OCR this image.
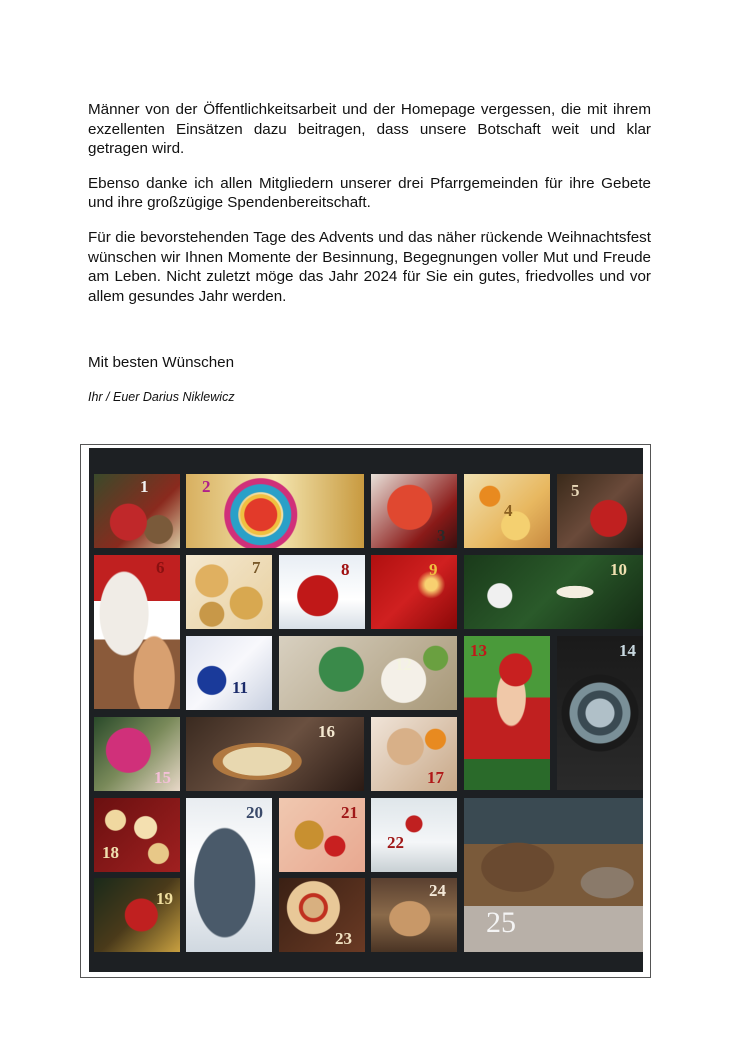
Männer von der Öffentlichkeitsarbeit und der Homepage vergessen, die mit ihrem exzellenten Einsätzen dazu beitragen, dass unsere Botschaft weit und klar getragen wird.

Ebenso danke ich allen Mitgliedern unserer drei Pfarrgemeinden für ihre Gebete und ihre großzügige Spendenbereitschaft.

Für die bevorstehenden Tage des Advents und das näher rückende Weihnachtsfest wünschen wir Ihnen Momente der Besinnung, Begegnungen voller Mut und Freude am Leben. Nicht zuletzt möge das Jahr 2024 für Sie ein gutes, friedvolles und vor allem gesundes Jahr werden.

Mit besten Wünschen
Ihr / Euer Darius Niklewicz
1	2
3
4
5
6	7	8	9	10
11
12
13	14
15
16
17
18
20	21
22
25
19
23
24
